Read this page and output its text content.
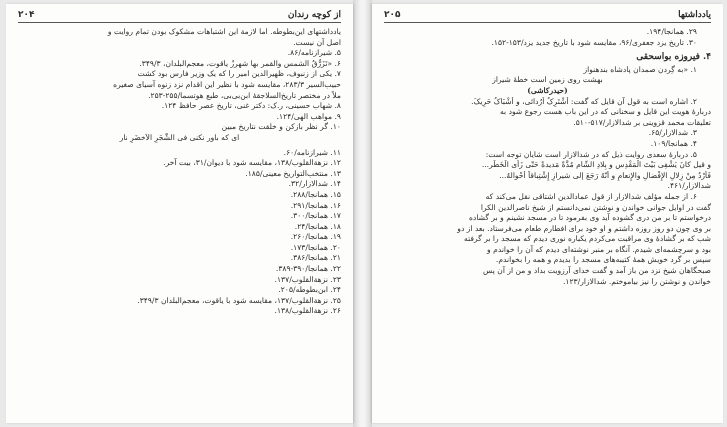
از کوچه رندان
۲۰۴
یادداشتهای این‌بطوطه. اما لازمة این اشتباهات مشکوک بودن تمام روایت و
اصل آن نیست.
۵. شیرازنامه/۸۶.
۶. «تَزَرُّقُ الشمس والقمر بها شهرزُ یاقوت، معجم‌البلدان، ۳۴۹/۳.
۷. یکی از زنبوف، ظهیرالدین امیر را که یک وزیر فارس بود کشت
حبیب‌السیر ۲۸۳/۳، مقایسه شود با نظیر این اقدام نزد زنوه آسیای صغیره
ملاً در مختصر تاریخ‌السلاجقهٔ ابن‌بی‌بی، طبع هوتسما/۲۵۵-۲۵۳.
۸. شهاب حسینی، ر.ک: دکتر غنی، تاریخ عصر حافظ ۱۲۴.
۹. مواهب الهی/۱۲۴.
۱۰. گر نظر بازکن و خلقت نتاریخ مبین
ای که باور نکنی فی الشَّجَرِ الاَخضَرِ نار
۱۱. شیرازنامه/۶۰.
۱۲. نزهة‌القلوب/۱۳۸، مقایسه شود با دیوان/۳۱، بیت آخر.
۱۳. منتخب‌التواریخ معینی/۱۸۵.
۱۴. شدالازار/۳۲.
۱۵. همانجا/۲۸۸.
۱۶. همانجا/۲۹۱.
۱۷. همانجا/۳۰۰.
۱۸. همانجا/۲۴.
۱۹. همانجا/۲۶۰.
۲۰. همانجا/۱۷۳.
۲۱. همانجا/۳۸۶.
۲۲. همانجا/۳۹۰-۳۸۹.
۲۳. نزهة‌القلوب/۱۳۷.
۲۴. ابن‌بطوطه/۲۰۵.
۲۵. نزهة‌القلوب/۱۳۷، مقایسه شود با یاقوت، معجم‌البلدان ۳۴۹/۳.
۲۶. نزهة‌القلوب/۱۳۸.
یادداشتها
۲۰۵
۲۹. همانجا/۱۹۴.
۳۰. تاریخ یزد جعفری/۹۶، مقایسه شود با تاریخ جدید یزد/۱۵۳-۱۵۲.
۴. فیروزه بواسحقی
۱. «به گِردن صمدان پادشاه بندهنواز
بهشت روی زمین است خطهٔ شیراز
(حیدرکاشی)
۲. اشاره است به قول آن قایل که گفت: أَشْتَرِکُ أُرُدائی، و أَشْبَاکُ حَرِیکَ.
دربارهٔ هویت این قایل و سخنانی که در این باب هست رجوع شود به
تعلیقات محمد قزوینی بر شدالازار/۵۱۷-۵۱۰.
۳. شدالازار/۶۵.
۴. همانجا/۱۰۹.
۵. دربارهٔ سعدی روایت ذیل که در شدالازار است شایان توجه است:
و قیل کانَ یَشْفِی بَیْتَ الْمَقْدِس و بِلادِ الشّام مُدَّةً مَدیدةً حَتّی زَأَی الْخَطْر...
فَأُرْدُ مِنْ زِلالِ الإِفْضالِ والإِنعامِ و أَنّهُ رَجَعَ إلی شیرازِ إِشْتِباقاً أَحْوالهُ...
شدالازار/۴۶۱.
۶. از جمله مؤلف شدالازار از قول عمادالدین اشتاقی نقل می‌کند که
گفت در اوایل جوانی خواندن و نوشتن نمی‌دانستم از شیخ ناصرالدین الکرا
درخواستم تا بر من دری گشوده آید وی بفرمود تا در مسجد نشینم و بر گشاده
بر وی چون دو روز روزه داشتم و او خود برای افطارم طعام می‌فرستاد. بعد از دو
شب که بر گشادهٔ وی مراقبت می‌کردم یکباره نوری دیدم که مسجد را بر گرفته
بود و سرچشمه‌ای شیدم. آنگاه بر منبر نوشته‌ای دیدم که آن را خواندم و
سپس بر گرد خویش همهٔ کتیبه‌های مسجد را بدیدم و همه را بخواندم.
صبحگاهان شیخ نزد من باز آمد و گفت خدای آرزویت بداد و من از آن پس
خواندن و نوشتن را نیز بیاموختم. شدالازار/۱۲۳.
